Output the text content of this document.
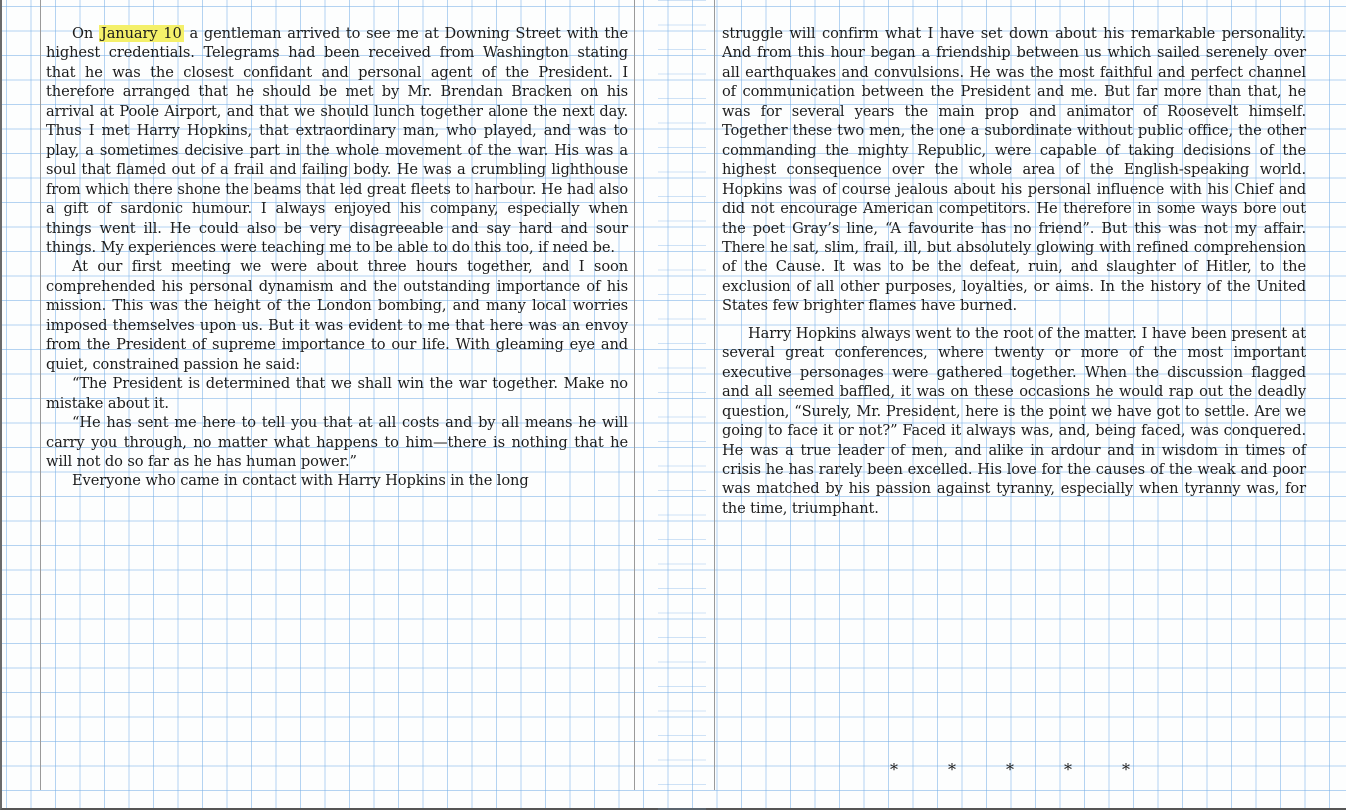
On January 10 a gentleman arrived to see me at Downing Street with the highest credentials. Telegrams had been received from Washington stating that he was the closest confidant and personal agent of the President. I therefore arranged that he should be met by Mr. Brendan Bracken on his arrival at Poole Airport, and that we should lunch together alone the next day. Thus I met Harry Hopkins, that extraordinary man, who played, and was to play, a sometimes decisive part in the whole movement of the war. His was a soul that flamed out of a frail and failing body. He was a crumbling lighthouse from which there shone the beams that led great fleets to harbour. He had also a gift of sardonic humour. I always enjoyed his company, especially when things went ill. He could also be very disagreeable and say hard and sour things. My experiences were teaching me to be able to do this too, if need be.

At our first meeting we were about three hours together, and I soon comprehended his personal dynamism and the outstanding importance of his mission. This was the height of the London bombing, and many local worries imposed themselves upon us. But it was evident to me that here was an envoy from the President of supreme importance to our life. With gleaming eye and quiet, constrained passion he said:

“The President is determined that we shall win the war together. Make no mistake about it.

“He has sent me here to tell you that at all costs and by all means he will carry you through, no matter what happens to him—there is nothing that he will not do so far as he has human power.”

Everyone who came in contact with Harry Hopkins in the long

struggle will confirm what I have set down about his remarkable personality. And from this hour began a friendship between us which sailed serenely over all earthquakes and convulsions. He was the most faithful and perfect channel of communication between the President and me. But far more than that, he was for several years the main prop and animator of Roosevelt himself. Together these two men, the one a subordinate without public office, the other commanding the mighty Republic, were capable of taking decisions of the highest consequence over the whole area of the English-speaking world. Hopkins was of course jealous about his personal influence with his Chief and did not encourage American competitors. He therefore in some ways bore out the poet Gray’s line, “A favourite has no friend”. But this was not my affair. There he sat, slim, frail, ill, but absolutely glowing with refined comprehension of the Cause. It was to be the defeat, ruin, and slaughter of Hitler, to the exclusion of all other purposes, loyalties, or aims. In the history of the United States few brighter flames have burned.

Harry Hopkins always went to the root of the matter. I have been present at several great conferences, where twenty or more of the most important executive personages were gathered together. When the discussion flagged and all seemed baffled, it was on these occasions he would rap out the deadly question, “Surely, Mr. President, here is the point we have got to settle. Are we going to face it or not?” Faced it always was, and, being faced, was conquered. He was a true leader of men, and alike in ardour and in wisdom in times of crisis he has rarely been excelled. His love for the causes of the weak and poor was matched by his passion against tyranny, especially when tyranny was, for the time, triumphant.

*	*	*	*	*
